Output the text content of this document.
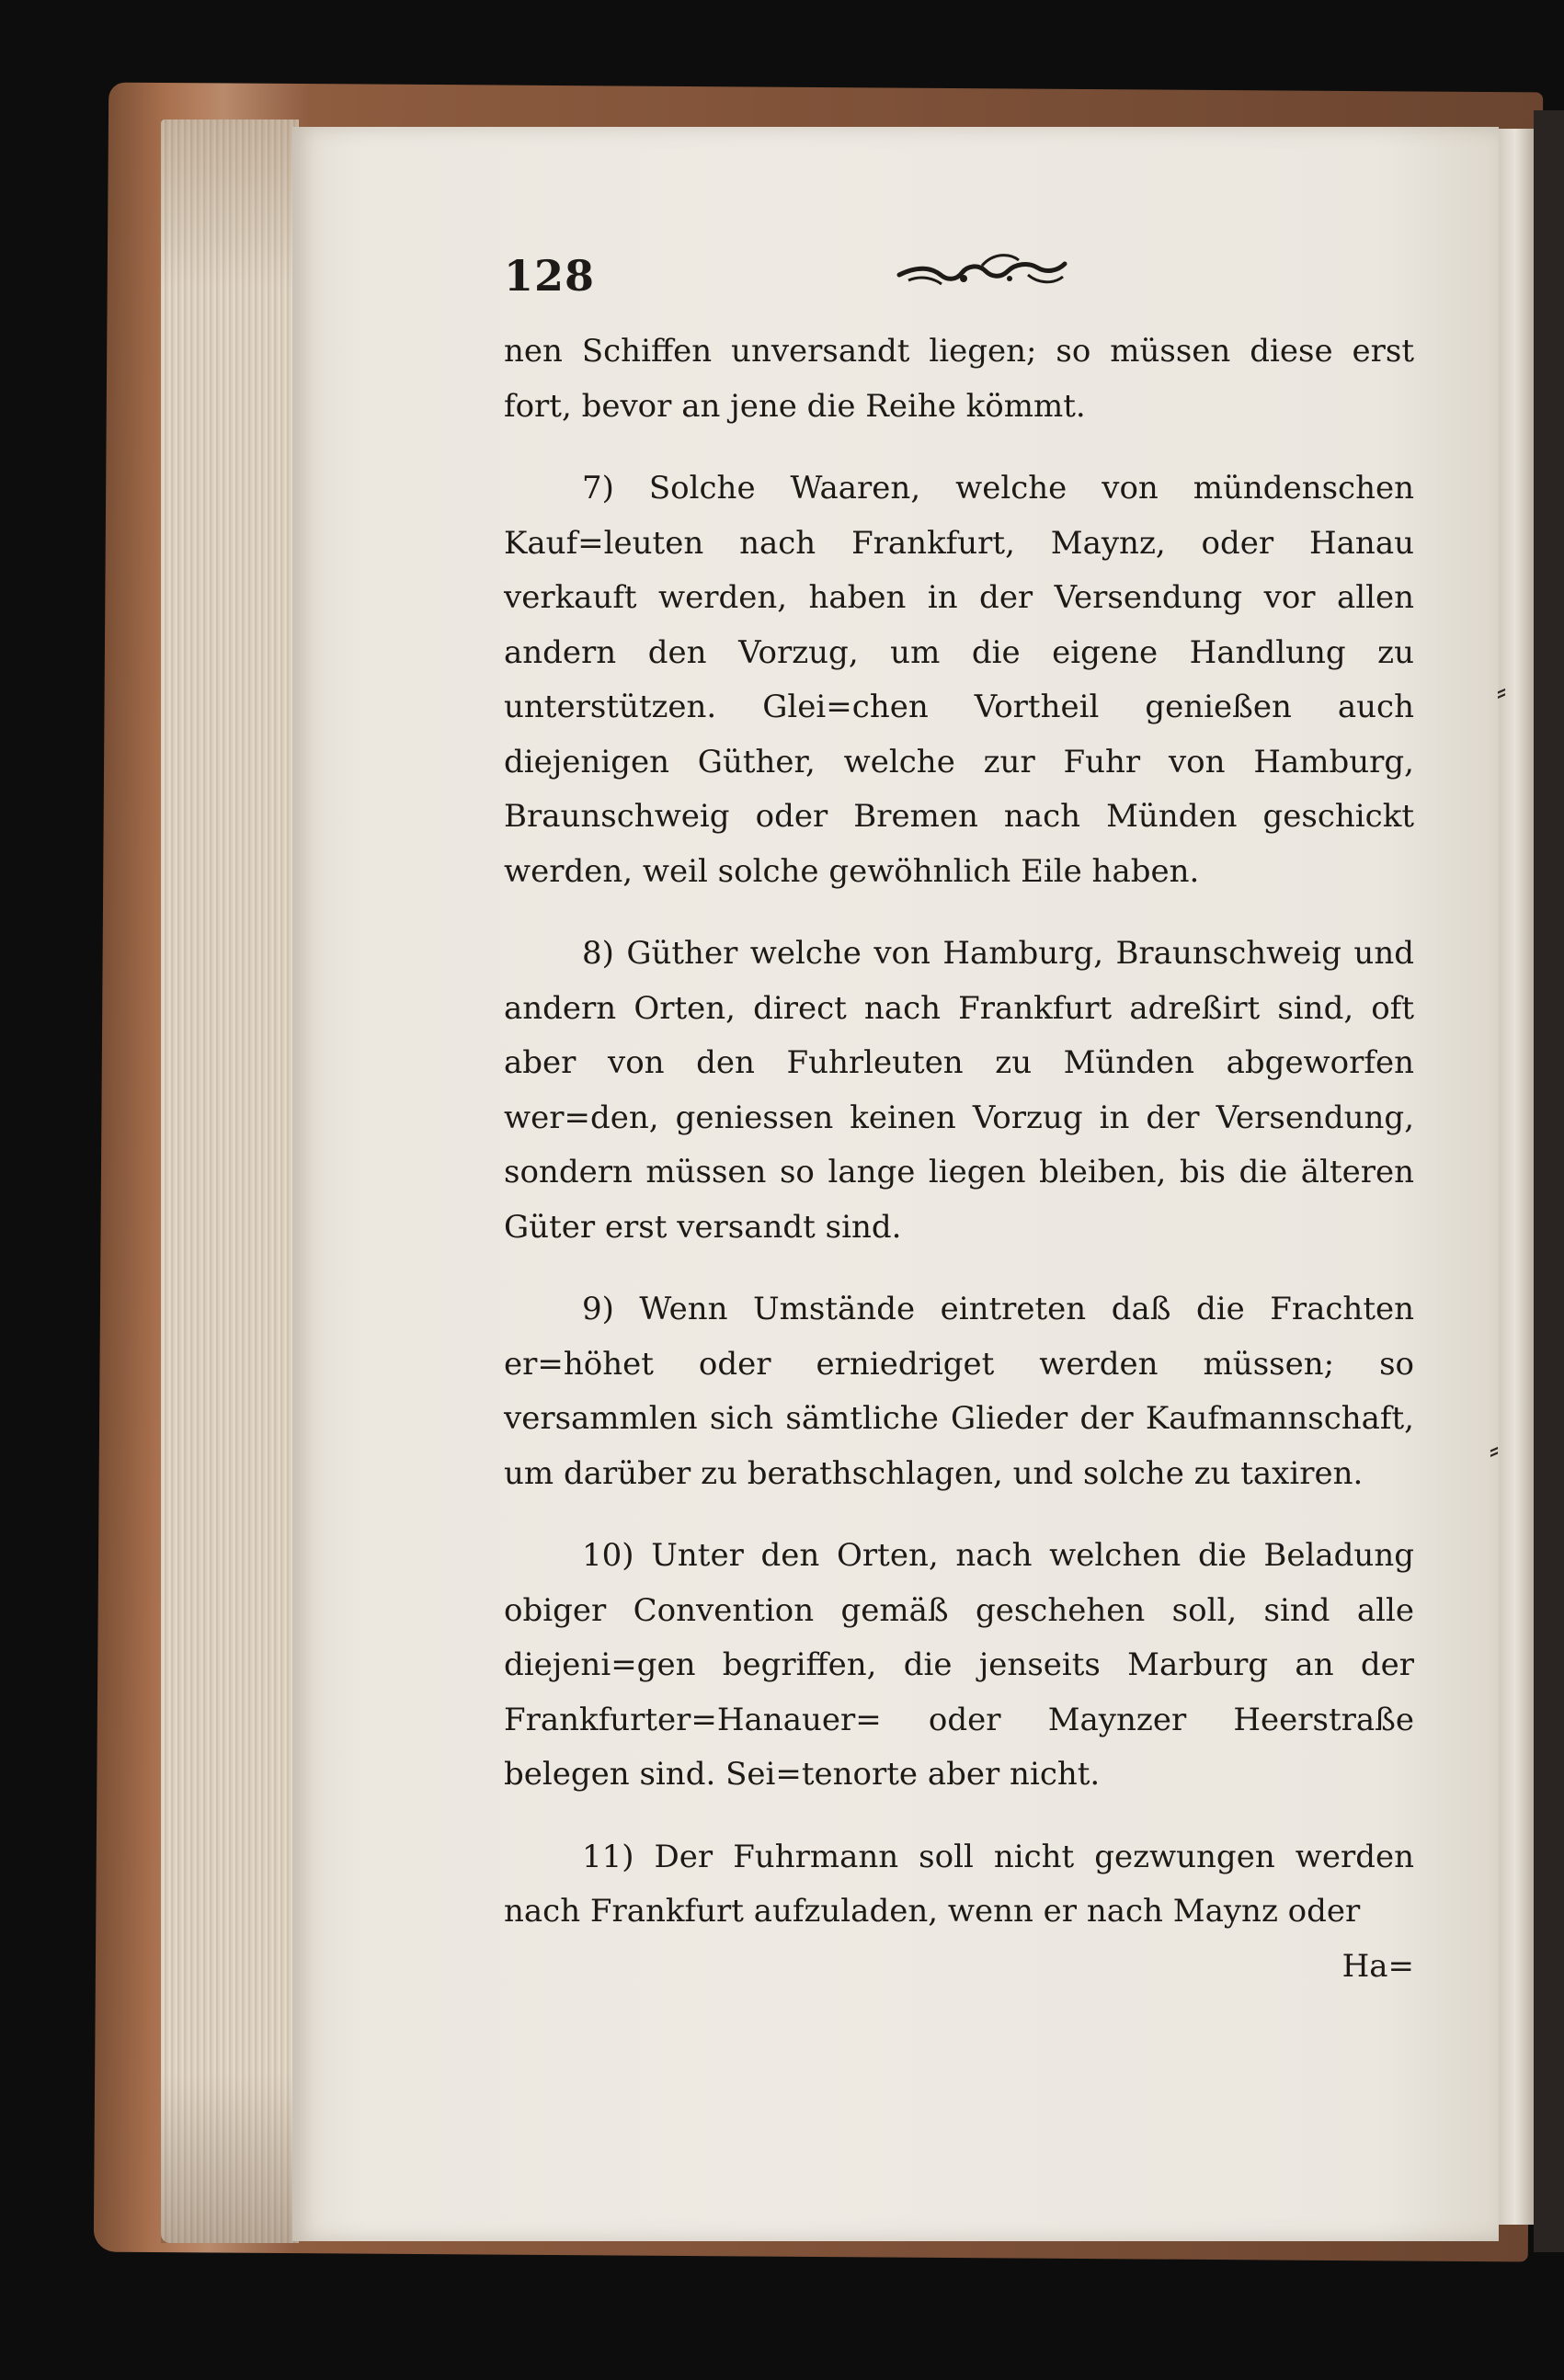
128

nen Schiffen unversandt liegen; so müssen diese erst fort, bevor an jene die Reihe kömmt.

7) Solche Waaren, welche von mündenschen Kauf=leuten nach Frankfurt, Maynz, oder Hanau verkauft werden, haben in der Versendung vor allen andern den Vorzug, um die eigene Handlung zu unterstützen. Glei=chen Vortheil genießen auch diejenigen Güther, welche zur Fuhr von Hamburg, Braunschweig oder Bremen nach Münden geschickt werden, weil solche gewöhnlich Eile haben.

8) Güther welche von Hamburg, Braunschweig und andern Orten, direct nach Frankfurt adreßirt sind, oft aber von den Fuhrleuten zu Münden abgeworfen wer=den, geniessen keinen Vorzug in der Versendung, sondern müssen so lange liegen bleiben, bis die älteren Güter erst versandt sind.

9) Wenn Umstände eintreten daß die Frachten er=höhet oder erniedriget werden müssen; so versammlen sich sämtliche Glieder der Kaufmannschaft, um darüber zu berathschlagen, und solche zu taxiren.

10) Unter den Orten, nach welchen die Beladung obiger Convention gemäß geschehen soll, sind alle diejeni=gen begriffen, die jenseits Marburg an der Frankfurter=Hanauer= oder Maynzer Heerstraße belegen sind. Sei=tenorte aber nicht.

11) Der Fuhrmann soll nicht gezwungen werden nach Frankfurt aufzuladen, wenn er nach Maynz oder

Ha=

⸗
⸗
